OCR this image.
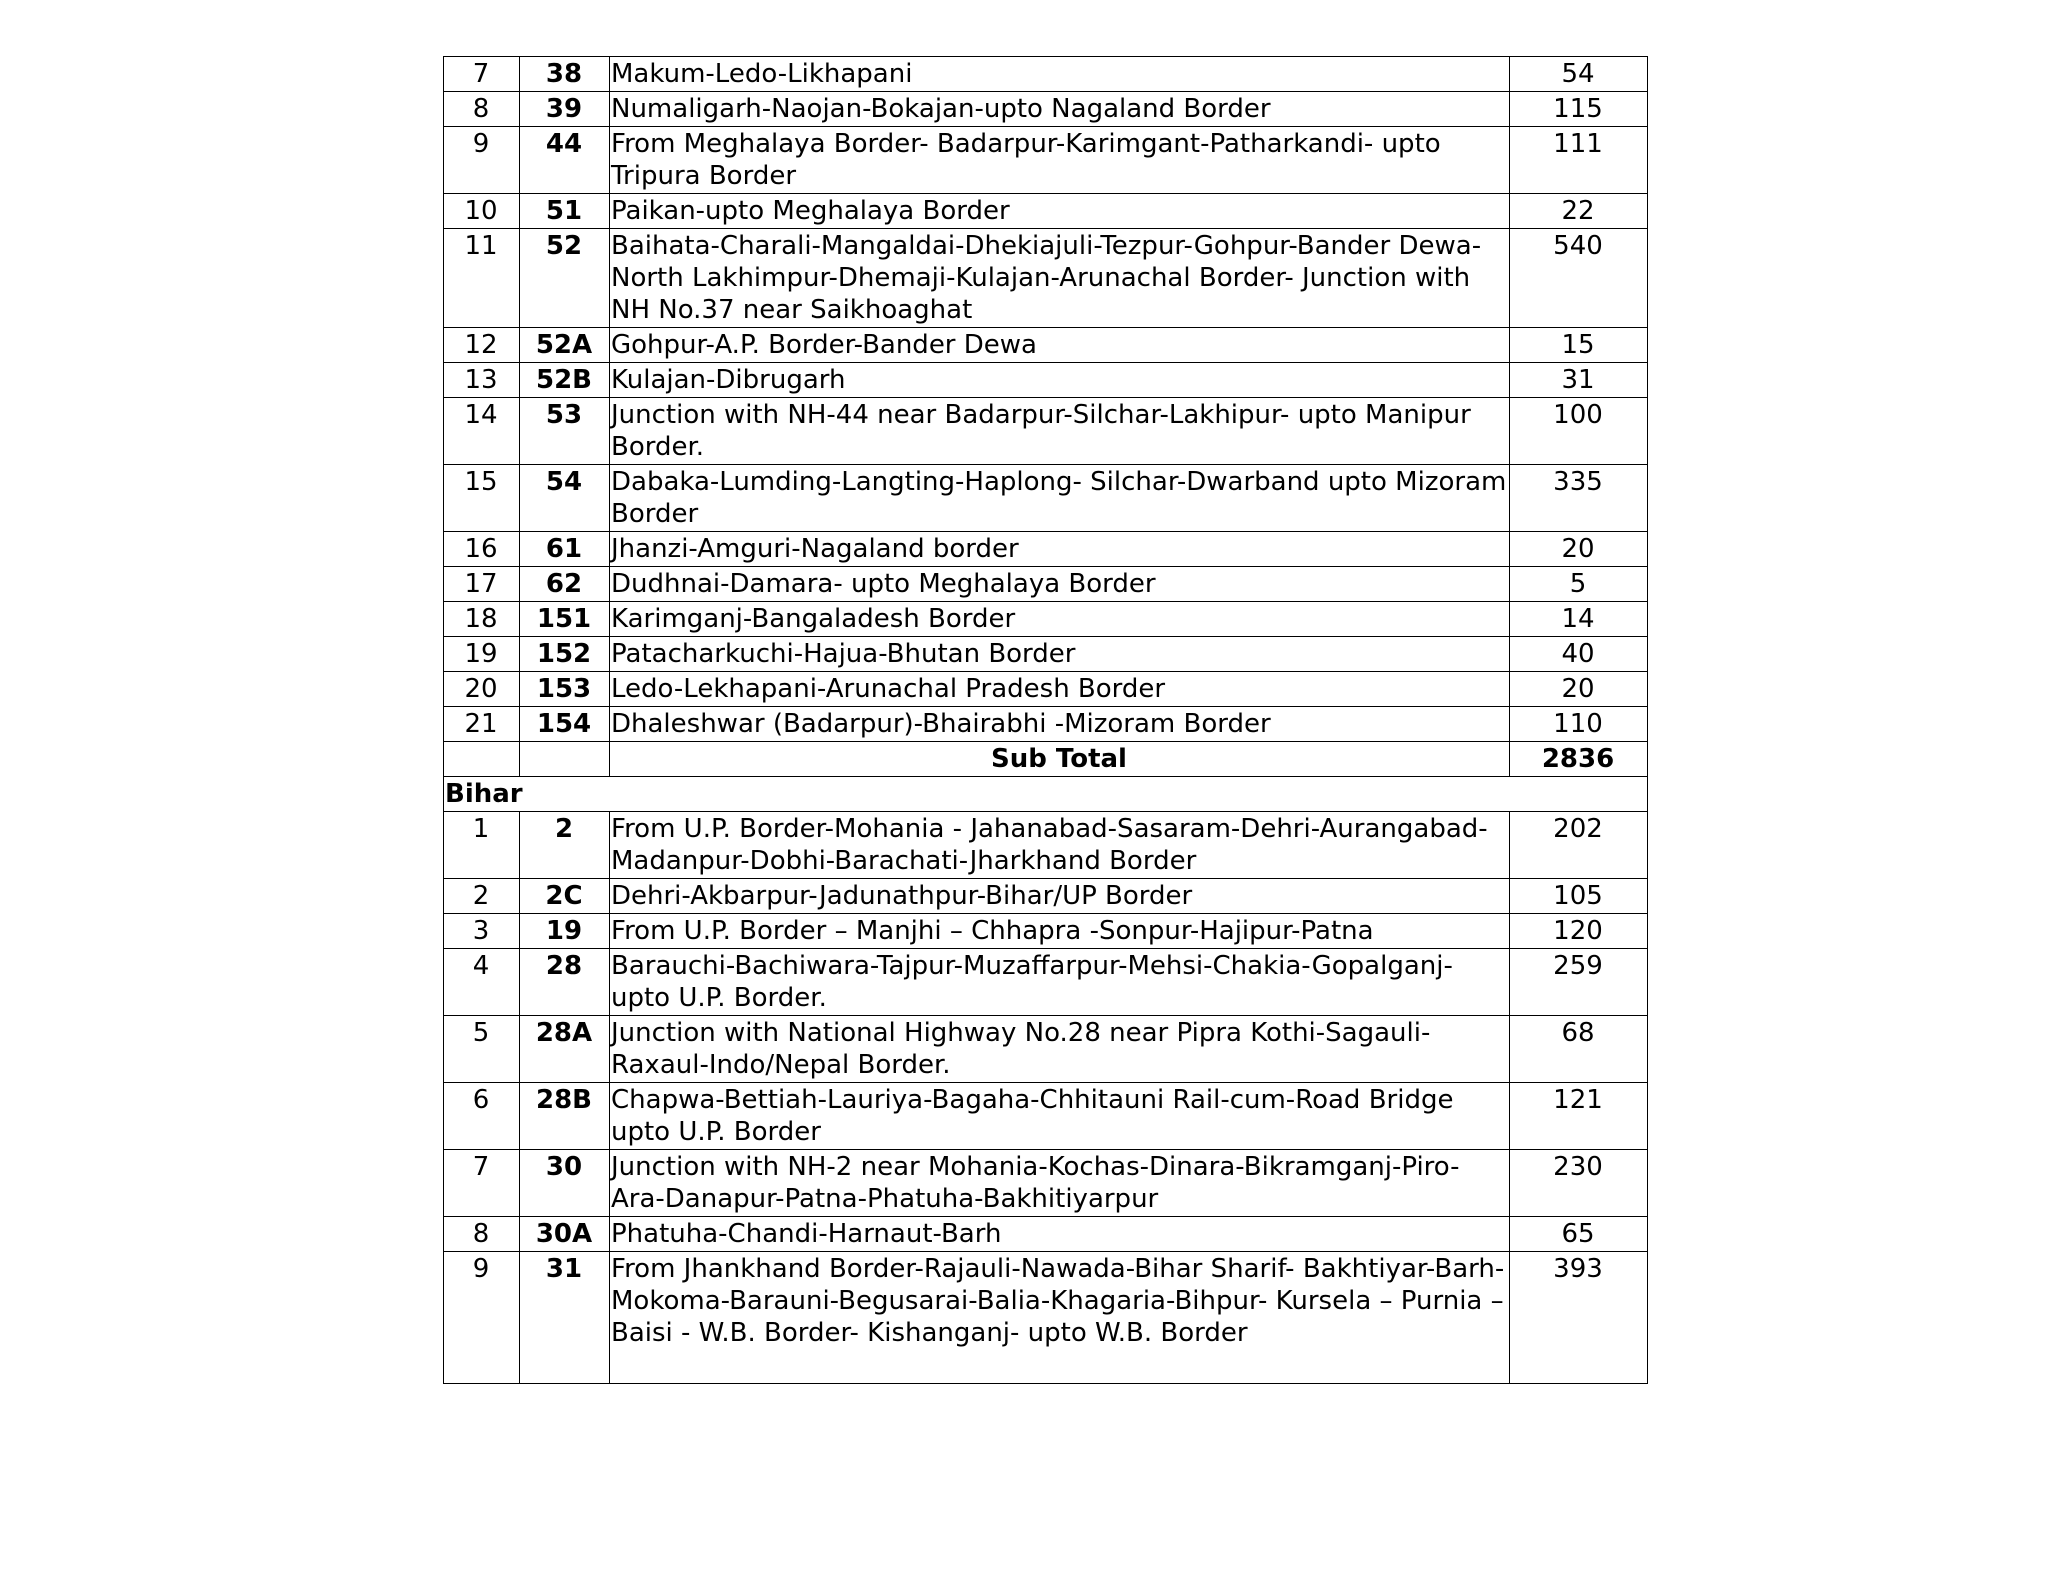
7	38	Makum-Ledo-Likhapani	54
8	39	Numaligarh-Naojan-Bokajan-upto Nagaland Border	115
9	44	From Meghalaya Border- Badarpur-Karimgant-Patharkandi- upto Tripura Border	111
10	51	Paikan-upto Meghalaya Border	22
11	52	Baihata-Charali-Mangaldai-Dhekiajuli-Tezpur-Gohpur-Bander Dewa-North Lakhimpur-Dhemaji-Kulajan-Arunachal Border- Junction with NH No.37 near Saikhoaghat	540
12	52A	Gohpur-A.P. Border-Bander Dewa	15
13	52B	Kulajan-Dibrugarh	31
14	53	Junction with NH-44 near Badarpur-Silchar-Lakhipur- upto Manipur Border.	100
15	54	Dabaka-Lumding-Langting-Haplong- Silchar-Dwarband upto Mizoram Border	335
16	61	Jhanzi-Amguri-Nagaland border	20
17	62	Dudhnai-Damara- upto Meghalaya Border	5
18	151	Karimganj-Bangaladesh Border	14
19	152	Patacharkuchi-Hajua-Bhutan Border	40
20	153	Ledo-Lekhapani-Arunachal Pradesh Border	20
21	154	Dhaleshwar (Badarpur)-Bhairabhi -Mizoram Border	110
		Sub Total	2836
Bihar			
1	2	From U.P. Border-Mohania - Jahanabad-Sasaram-Dehri-Aurangabad-Madanpur-Dobhi-Barachati-Jharkhand Border	202
2	2C	Dehri-Akbarpur-Jadunathpur-Bihar/UP Border	105
3	19	From U.P. Border – Manjhi – Chhapra -Sonpur-Hajipur-Patna	120
4	28	Barauchi-Bachiwara-Tajpur-Muzaffarpur-Mehsi-Chakia-Gopalganj-upto U.P. Border.	259
5	28A	Junction with National Highway No.28 near Pipra Kothi-Sagauli-Raxaul-Indo/Nepal Border.	68
6	28B	Chapwa-Bettiah-Lauriya-Bagaha-Chhitauni Rail-cum-Road Bridge upto U.P. Border	121
7	30	Junction with NH-2 near Mohania-Kochas-Dinara-Bikramganj-Piro-Ara-Danapur-Patna-Phatuha-Bakhitiyarpur	230
8	30A	Phatuha-Chandi-Harnaut-Barh	65
9	31	From Jhankhand Border-Rajauli-Nawada-Bihar Sharif- Bakhtiyar-Barh- Mokoma-Barauni-Begusarai-Balia-Khagaria-Bihpur- Kursela – Purnia – Baisi - W.B. Border- Kishanganj- upto W.B. Border	393
